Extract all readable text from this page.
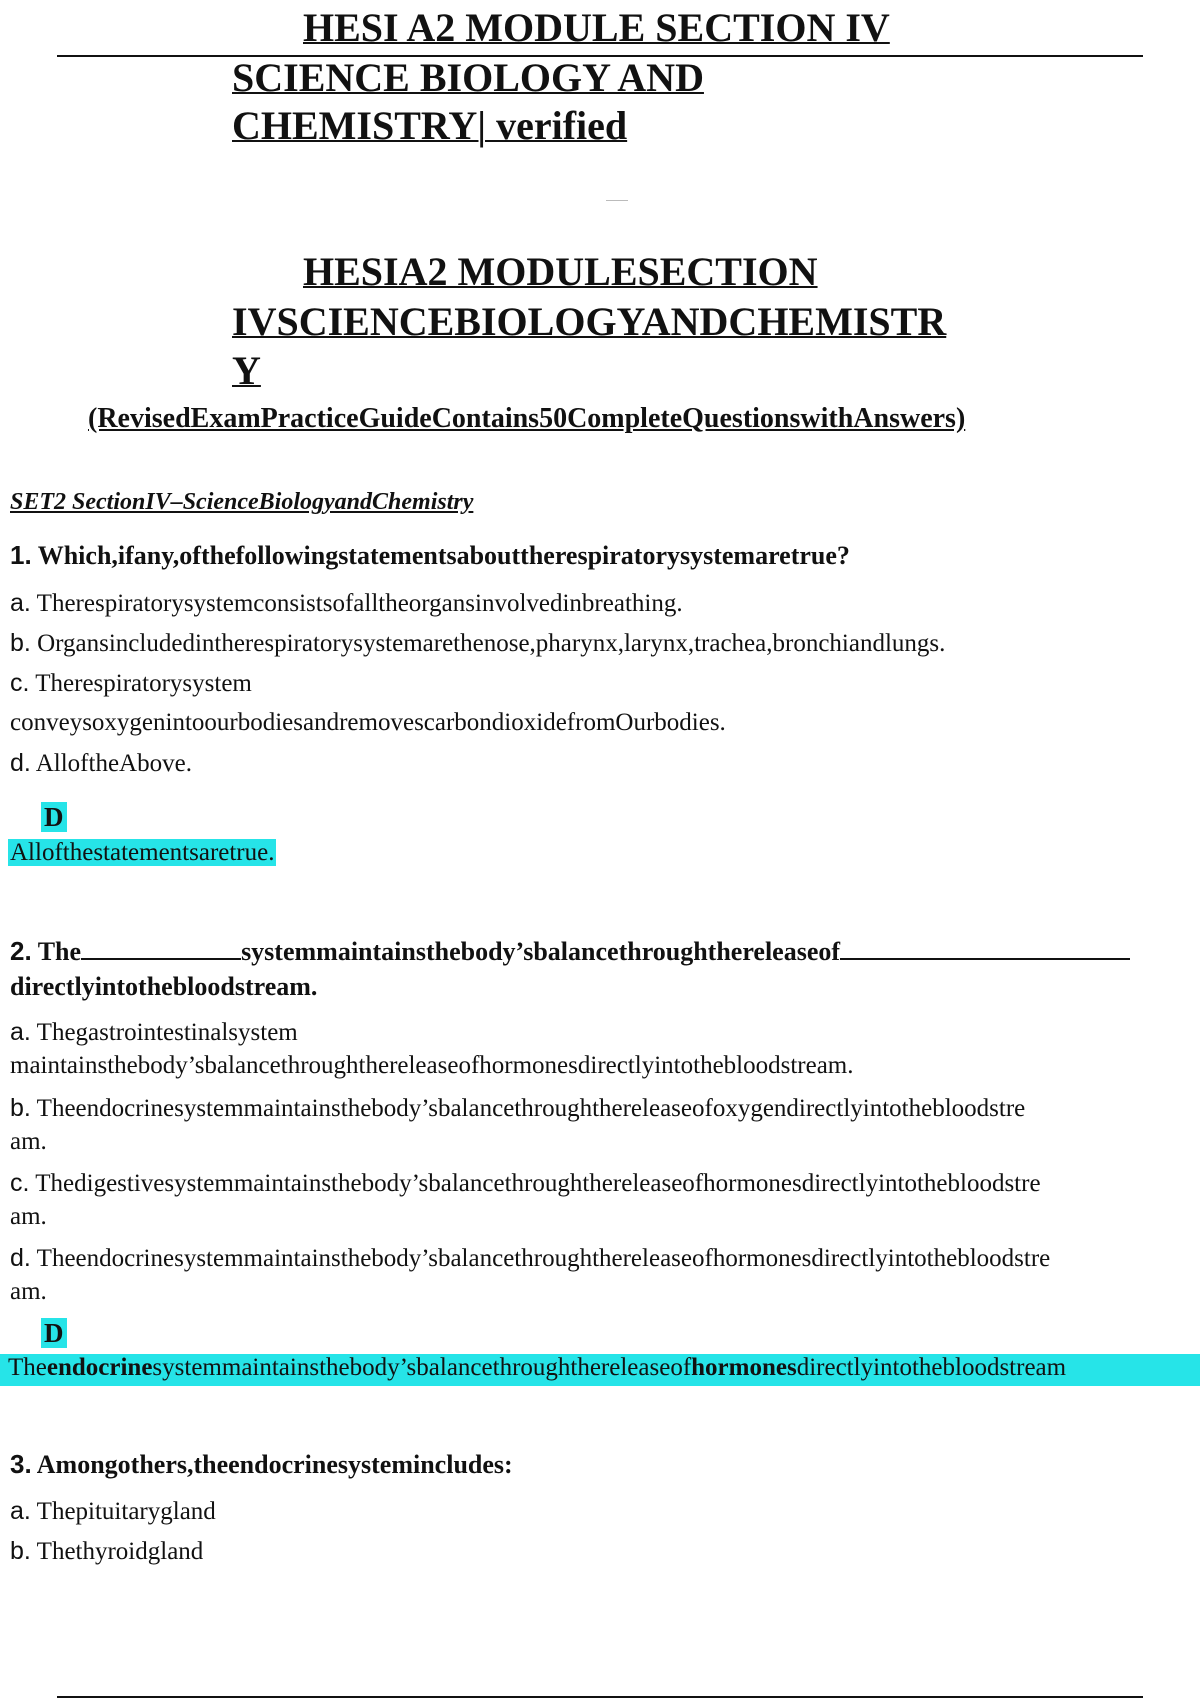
HESI A2 MODULE SECTION IV
SCIENCE BIOLOGY AND
CHEMISTRY| verified
HESIA2 MODULESECTION
IVSCIENCEBIOLOGYANDCHEMISTR
Y
(RevisedExamPracticeGuideContains50CompleteQuestionswithAnswers)
SET2 SectionIV–ScienceBiologyandChemistry
1. Which,ifany,ofthefollowingstatementsabouttherespiratorysystemaretrue?
a. Therespiratorysystemconsistsofalltheorgansinvolvedinbreathing.
b. Organsincludedintherespiratorysystemarethenose,pharynx,larynx,trachea,bronchiandlungs.
c. Therespiratorysystem
conveysoxygenintoourbodiesandremovescarbondioxidefromOurbodies.
d. AlloftheAbove.
D
Allofthestatementsaretrue.
2. The	systemmaintainsthebody’sbalancethroughthereleaseof
directlyintothebloodstream.
a. Thegastrointestinalsystem
maintainsthebody’sbalancethroughthereleaseofhormonesdirectlyintothebloodstream.
b. Theendocrinesystemmaintainsthebody’sbalancethroughthereleaseofoxygendirectlyintothebloodstre
am.
c. Thedigestivesystemmaintainsthebody’sbalancethroughthereleaseofhormonesdirectlyintothebloodstre
am.
d. Theendocrinesystemmaintainsthebody’sbalancethroughthereleaseofhormonesdirectlyintothebloodstre
am.
D
Theendocrinesystemmaintainsthebody’sbalancethroughthereleaseofhormonesdirectlyintothebloodstream
3. Amongothers,theendocrinesystemincludes:
a. Thepituitarygland
b. Thethyroidgland
